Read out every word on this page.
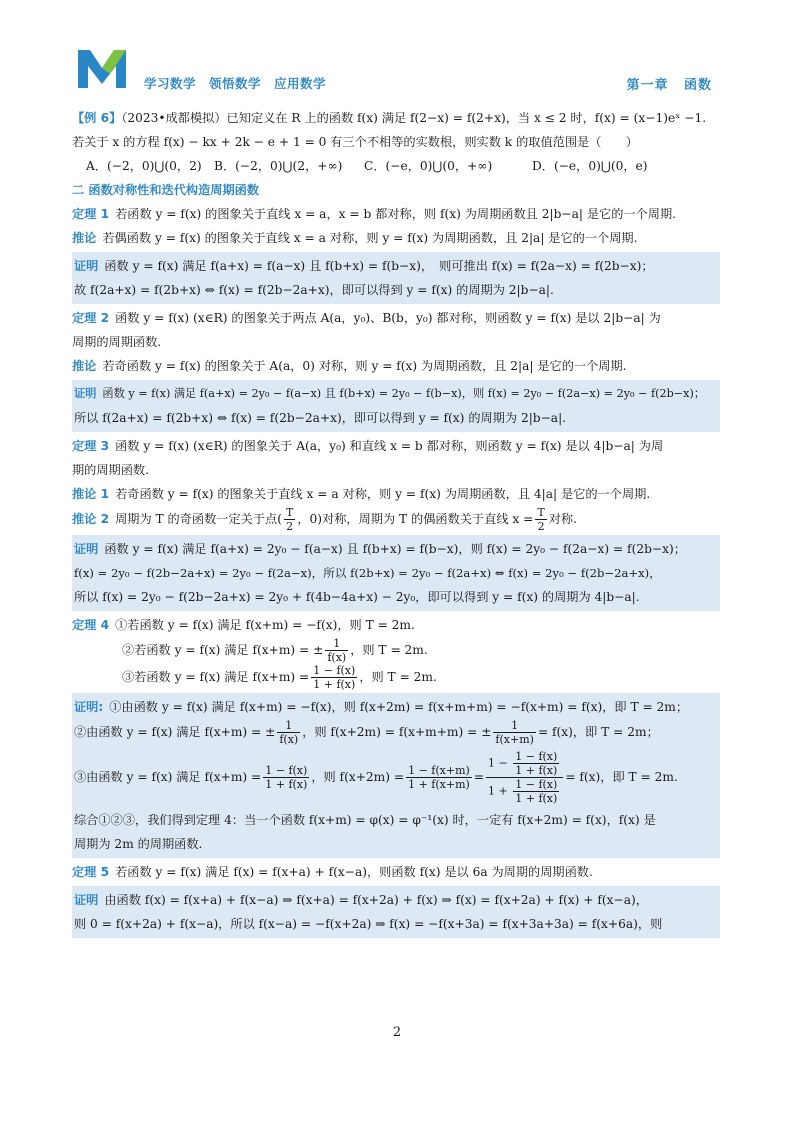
学习数学　领悟数学　应用数学	第一章 函数

【例 6】（2023•成都模拟）已知定义在 R 上的函数 f(x) 满足 f(2−x) = f(2+x)，当 x ≤ 2 时，f(x) = (x−1)eˣ −1.

若关于 x 的方程 f(x) − kx + 2k − e + 1 = 0 有三个不相等的实数根，则实数 k 的取值范围是（　　）

A．(−2，0)⋃(0，2) B．(−2，0)⋃(2，+∞) C．(−e，0)⋃(0，+∞)	D．(−e，0)⋃(0，e)

二 函数对称性和迭代构造周期函数

定理 1 若函数 y = f(x) 的图象关于直线 x = a，x = b 都对称，则 f(x) 为周期函数且 2|b−a| 是它的一个周期.

推论 若偶函数 y = f(x) 的图象关于直线 x = a 对称，则 y = f(x) 为周期函数，且 2|a| 是它的一个周期.

证明 函数 y = f(x) 满足 f(a+x) = f(a−x) 且 f(b+x) = f(b−x)，　则可推出 f(x) = f(2a−x) = f(2b−x)；

故 f(2a+x) = f(2b+x) ⇔ f(x) = f(2b−2a+x)，即可以得到 y = f(x) 的周期为 2|b−a|.

定理 2 函数 y = f(x) (x∈R) 的图象关于两点 A(a，y₀)、B(b，y₀) 都对称，则函数 y = f(x) 是以 2|b−a| 为

周期的周期函数.

推论 若奇函数 y = f(x) 的图象关于 A(a，0) 对称，则 y = f(x) 为周期函数，且 2|a| 是它的一个周期.

证明 函数 y = f(x) 满足 f(a+x) = 2y₀ − f(a−x) 且 f(b+x) = 2y₀ − f(b−x)，则 f(x) = 2y₀ − f(2a−x) = 2y₀ − f(2b−x)；

所以 f(2a+x) = f(2b+x) ⇔ f(x) = f(2b−2a+x)，即可以得到 y = f(x) 的周期为 2|b−a|.

定理 3 函数 y = f(x) (x∈R) 的图象关于 A(a，y₀) 和直线 x = b 都对称，则函数 y = f(x) 是以 4|b−a| 为周

期的周期函数.

推论 1 若奇函数 y = f(x) 的图象关于直线 x = a 对称，则 y = f(x) 为周期函数，且 4|a| 是它的一个周期.

推论 2 周期为 T 的奇函数一定关于点( $\frac{T}{2}$ ，0)对称，周期为 T 的偶函数关于直线 $x = \frac{T}{2}$ 对称.

证明 函数 y = f(x) 满足 f(a+x) = 2y₀ − f(a−x) 且 f(b+x) = f(b−x)，则 f(x) = 2y₀ − f(2a−x) = f(2b−x)；

f(x) = 2y₀ − f(2b−2a+x) = 2y₀ − f(2a−x)，所以 f(2b+x) = 2y₀ − f(2a+x) ⇔ f(x) = 2y₀ − f(2b−2a+x)，

所以 f(x) = 2y₀ − f(2b−2a+x) = 2y₀ + f(4b−4a+x) − 2y₀，即可以得到 y = f(x) 的周期为 4|b−a|.

定理 4 ①若函数 y = f(x) 满足 f(x+m) = −f(x)，则 T = 2m.

②若函数 y = f(x) 满足 f(x+m) = ± $\frac{1}{f(x)}$ ，则 T = 2m.

③若函数 y = f(x) 满足 $f(x+m) = \frac{1 - f(x)}{1 + f(x)}$ ，则 T = 2m.

证明: ①由函数 y = f(x) 满足 f(x+m) = −f(x)，则 f(x+2m) = f(x+m+m) = −f(x+m) = f(x)，即 T = 2m；

②由函数 y = f(x) 满足 f(x+m) = ± $\frac{1}{f(x)}$ ，则 f(x+2m) = f(x+m+m) = ± $\frac{1}{f(x+m)} = f(x)$，即 T = 2m；

③由函数 y = f(x) 满足 $f(x+m) = \frac{1 - f(x)}{1 + f(x)}$ ，则 $f(x+2m) = \frac{1 - f(x+m)}{1 + f(x+m)} = \frac{1 - \frac{1 - f(x)}{1 + f(x)}}{1 + \frac{1 - f(x)}{1 + f(x)}} = f(x)$，即 T = 2m.

综合①②③，我们得到定理 4：当一个函数 f(x+m) = φ(x) = φ⁻¹(x) 时，一定有 f(x+2m) = f(x)，f(x) 是

周期为 2m 的周期函数.

定理 5 若函数 y = f(x) 满足 f(x) = f(x+a) + f(x−a)，则函数 f(x) 是以 6a 为周期的周期函数.

证明 由函数 f(x) = f(x+a) + f(x−a) ⇒ f(x+a) = f(x+2a) + f(x) ⇒ f(x) = f(x+2a) + f(x) + f(x−a)，

则 0 = f(x+2a) + f(x−a)，所以 f(x−a) = −f(x+2a) ⇒ f(x) = −f(x+3a) = f(x+3a+3a) = f(x+6a)，则

2
